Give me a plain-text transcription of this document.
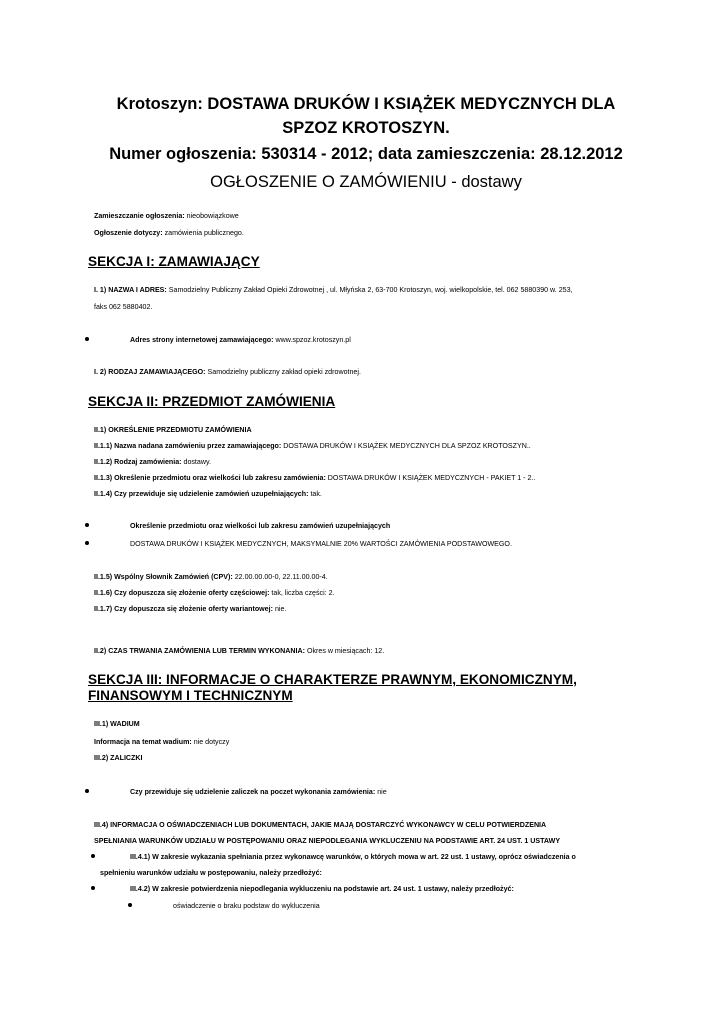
Krotoszyn: DOSTAWA DRUKÓW I KSIĄŻEK MEDYCZNYCH DLA
SPZOZ KROTOSZYN.
Numer ogłoszenia: 530314 - 2012; data zamieszczenia: 28.12.2012
OGŁOSZENIE O ZAMÓWIENIU - dostawy
Zamieszczanie ogłoszenia: nieobowiązkowe
Ogłoszenie dotyczy: zamówienia publicznego.
SEKCJA I: ZAMAWIAJĄCY
I. 1) NAZWA I ADRES: Samodzielny Publiczny Zakład Opieki Zdrowotnej , ul. Młyńska 2, 63-700 Krotoszyn, woj. wielkopolskie, tel. 062 5880390 w. 253,
faks 062 5880402.
Adres strony internetowej zamawiającego: www.spzoz.krotoszyn.pl
I. 2) RODZAJ ZAMAWIAJĄCEGO: Samodzielny publiczny zakład opieki zdrowotnej.
SEKCJA II: PRZEDMIOT ZAMÓWIENIA
II.1) OKREŚLENIE PRZEDMIOTU ZAMÓWIENIA
II.1.1) Nazwa nadana zamówieniu przez zamawiającego: DOSTAWA DRUKÓW I KSIĄŻEK MEDYCZNYCH DLA SPZOZ KROTOSZYN..
II.1.2) Rodzaj zamówienia: dostawy.
II.1.3) Określenie przedmiotu oraz wielkości lub zakresu zamówienia: DOSTAWA DRUKÓW I KSIĄŻEK MEDYCZNYCH - PAKIET 1 - 2..
II.1.4) Czy przewiduje się udzielenie zamówień uzupełniających: tak.
Określenie przedmiotu oraz wielkości lub zakresu zamówień uzupełniających
DOSTAWA DRUKÓW I KSIĄŻEK MEDYCZNYCH, MAKSYMALNIE 20% WARTOŚCI ZAMÓWIENIA PODSTAWOWEGO.
II.1.5) Wspólny Słownik Zamówień (CPV): 22.00.00.00-0, 22.11.00.00-4.
II.1.6) Czy dopuszcza się złożenie oferty częściowej: tak, liczba części: 2.
II.1.7) Czy dopuszcza się złożenie oferty wariantowej: nie.
II.2) CZAS TRWANIA ZAMÓWIENIA LUB TERMIN WYKONANIA: Okres w miesiącach: 12.
SEKCJA III: INFORMACJE O CHARAKTERZE PRAWNYM, EKONOMICZNYM,
FINANSOWYM I TECHNICZNYM
III.1) WADIUM
Informacja na temat wadium: nie dotyczy
III.2) ZALICZKI
Czy przewiduje się udzielenie zaliczek na poczet wykonania zamówienia: nie
III.4) INFORMACJA O OŚWIADCZENIACH LUB DOKUMENTACH, JAKIE MAJĄ DOSTARCZYĆ WYKONAWCY W CELU POTWIERDZENIA
SPEŁNIANIA WARUNKÓW UDZIAŁU W POSTĘPOWANIU ORAZ NIEPODLEGANIA WYKLUCZENIU NA PODSTAWIE ART. 24 UST. 1 USTAWY
III.4.1) W zakresie wykazania spełniania przez wykonawcę warunków, o których mowa w art. 22 ust. 1 ustawy, oprócz oświadczenia o
spełnieniu warunków udziału w postępowaniu, należy przedłożyć:
III.4.2) W zakresie potwierdzenia niepodlegania wykluczeniu na podstawie art. 24 ust. 1 ustawy, należy przedłożyć:
oświadczenie o braku podstaw do wykluczenia
